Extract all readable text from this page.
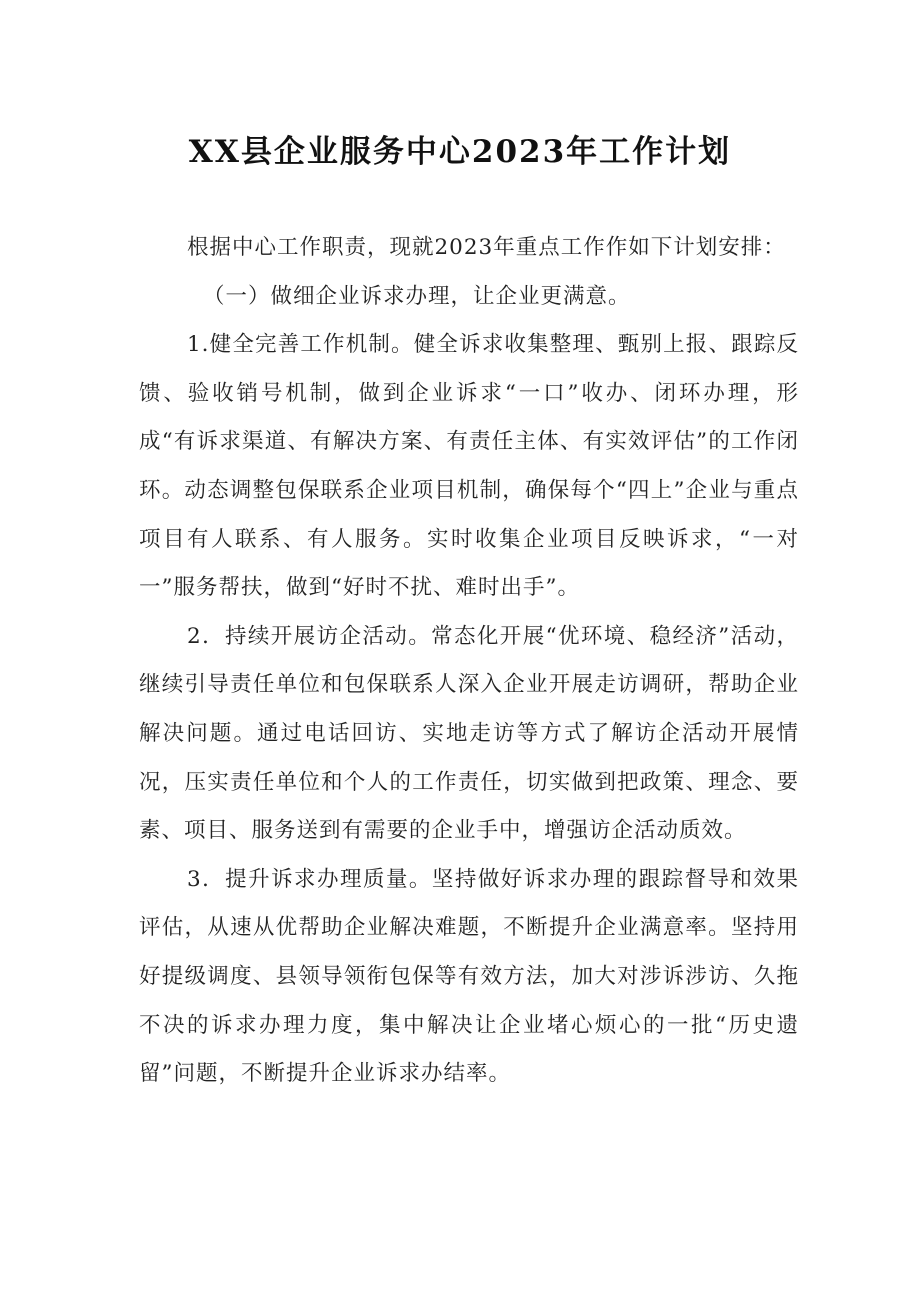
XX县企业服务中心2023年工作计划

根据中心工作职责，现就2023年重点工作作如下计划安排：

（一）做细企业诉求办理，让企业更满意。

1.健全完善工作机制。健全诉求收集整理、甄别上报、跟踪反馈、验收销号机制，做到企业诉求“一口”收办、闭环办理，形成“有诉求渠道、有解决方案、有责任主体、有实效评估”的工作闭环。动态调整包保联系企业项目机制，确保每个“四上”企业与重点项目有人联系、有人服务。实时收集企业项目反映诉求，“一对一”服务帮扶，做到“好时不扰、难时出手”。

2．持续开展访企活动。常态化开展“优环境、稳经济”活动，继续引导责任单位和包保联系人深入企业开展走访调研，帮助企业解决问题。通过电话回访、实地走访等方式了解访企活动开展情况，压实责任单位和个人的工作责任，切实做到把政策、理念、要素、项目、服务送到有需要的企业手中，增强访企活动质效。

3．提升诉求办理质量。坚持做好诉求办理的跟踪督导和效果评估，从速从优帮助企业解决难题，不断提升企业满意率。坚持用好提级调度、县领导领衔包保等有效方法，加大对涉诉涉访、久拖不决的诉求办理力度，集中解决让企业堵心烦心的一批“历史遗留”问题，不断提升企业诉求办结率。
